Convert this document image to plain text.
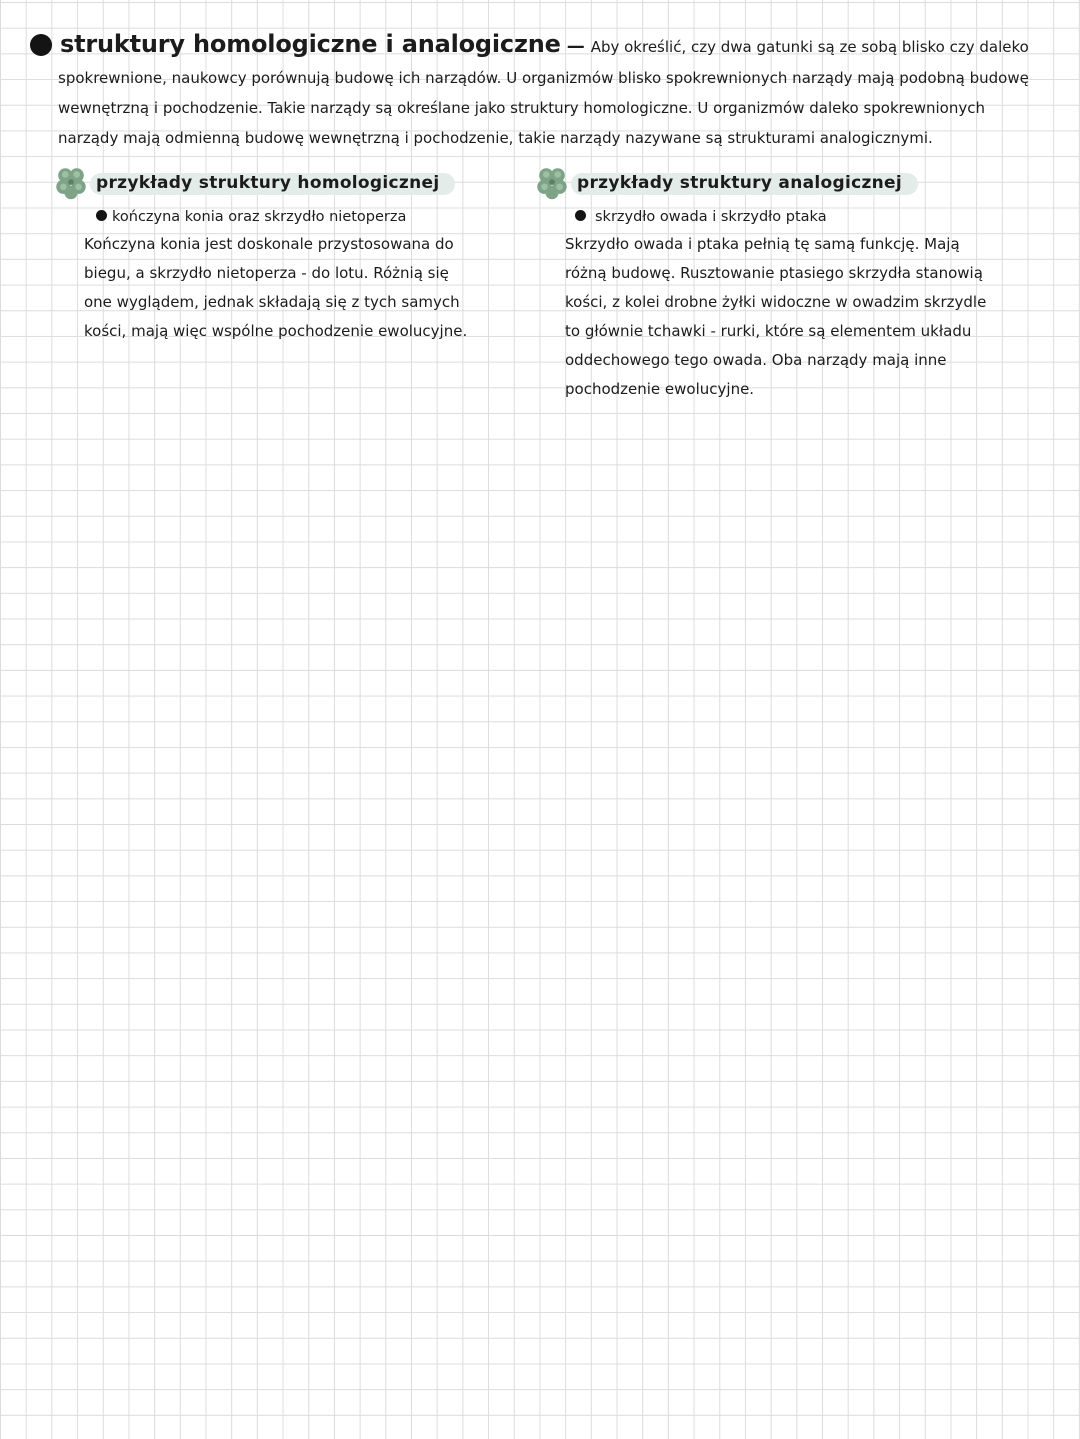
struktury homologiczne i analogiczne — Aby określić, czy dwa gatunki są ze sobą blisko czy daleko
spokrewnione, naukowcy porównują budowę ich narządów. U organizmów blisko spokrewnionych narządy mają podobną budowę
wewnętrzną i pochodzenie. Takie narządy są określane jako struktury homologiczne. U organizmów daleko spokrewnionych
narządy mają odmienną budowę wewnętrzną i pochodzenie, takie narządy nazywane są strukturami analogicznymi.
przykłady struktury homologicznej
kończyna konia oraz skrzydło nietoperza
Kończyna konia jest doskonale przystosowana do
biegu, a skrzydło nietoperza - do lotu. Różnią się
one wyglądem, jednak składają się z tych samych
kości, mają więc wspólne pochodzenie ewolucyjne.
przykłady struktury analogicznej
skrzydło owada i skrzydło ptaka
Skrzydło owada i ptaka pełnią tę samą funkcję. Mają
różną budowę. Rusztowanie ptasiego skrzydła stanowią
kości, z kolei drobne żyłki widoczne w owadzim skrzydle
to głównie tchawki - rurki, które są elementem układu
oddechowego tego owada. Oba narządy mają inne
pochodzenie ewolucyjne.
